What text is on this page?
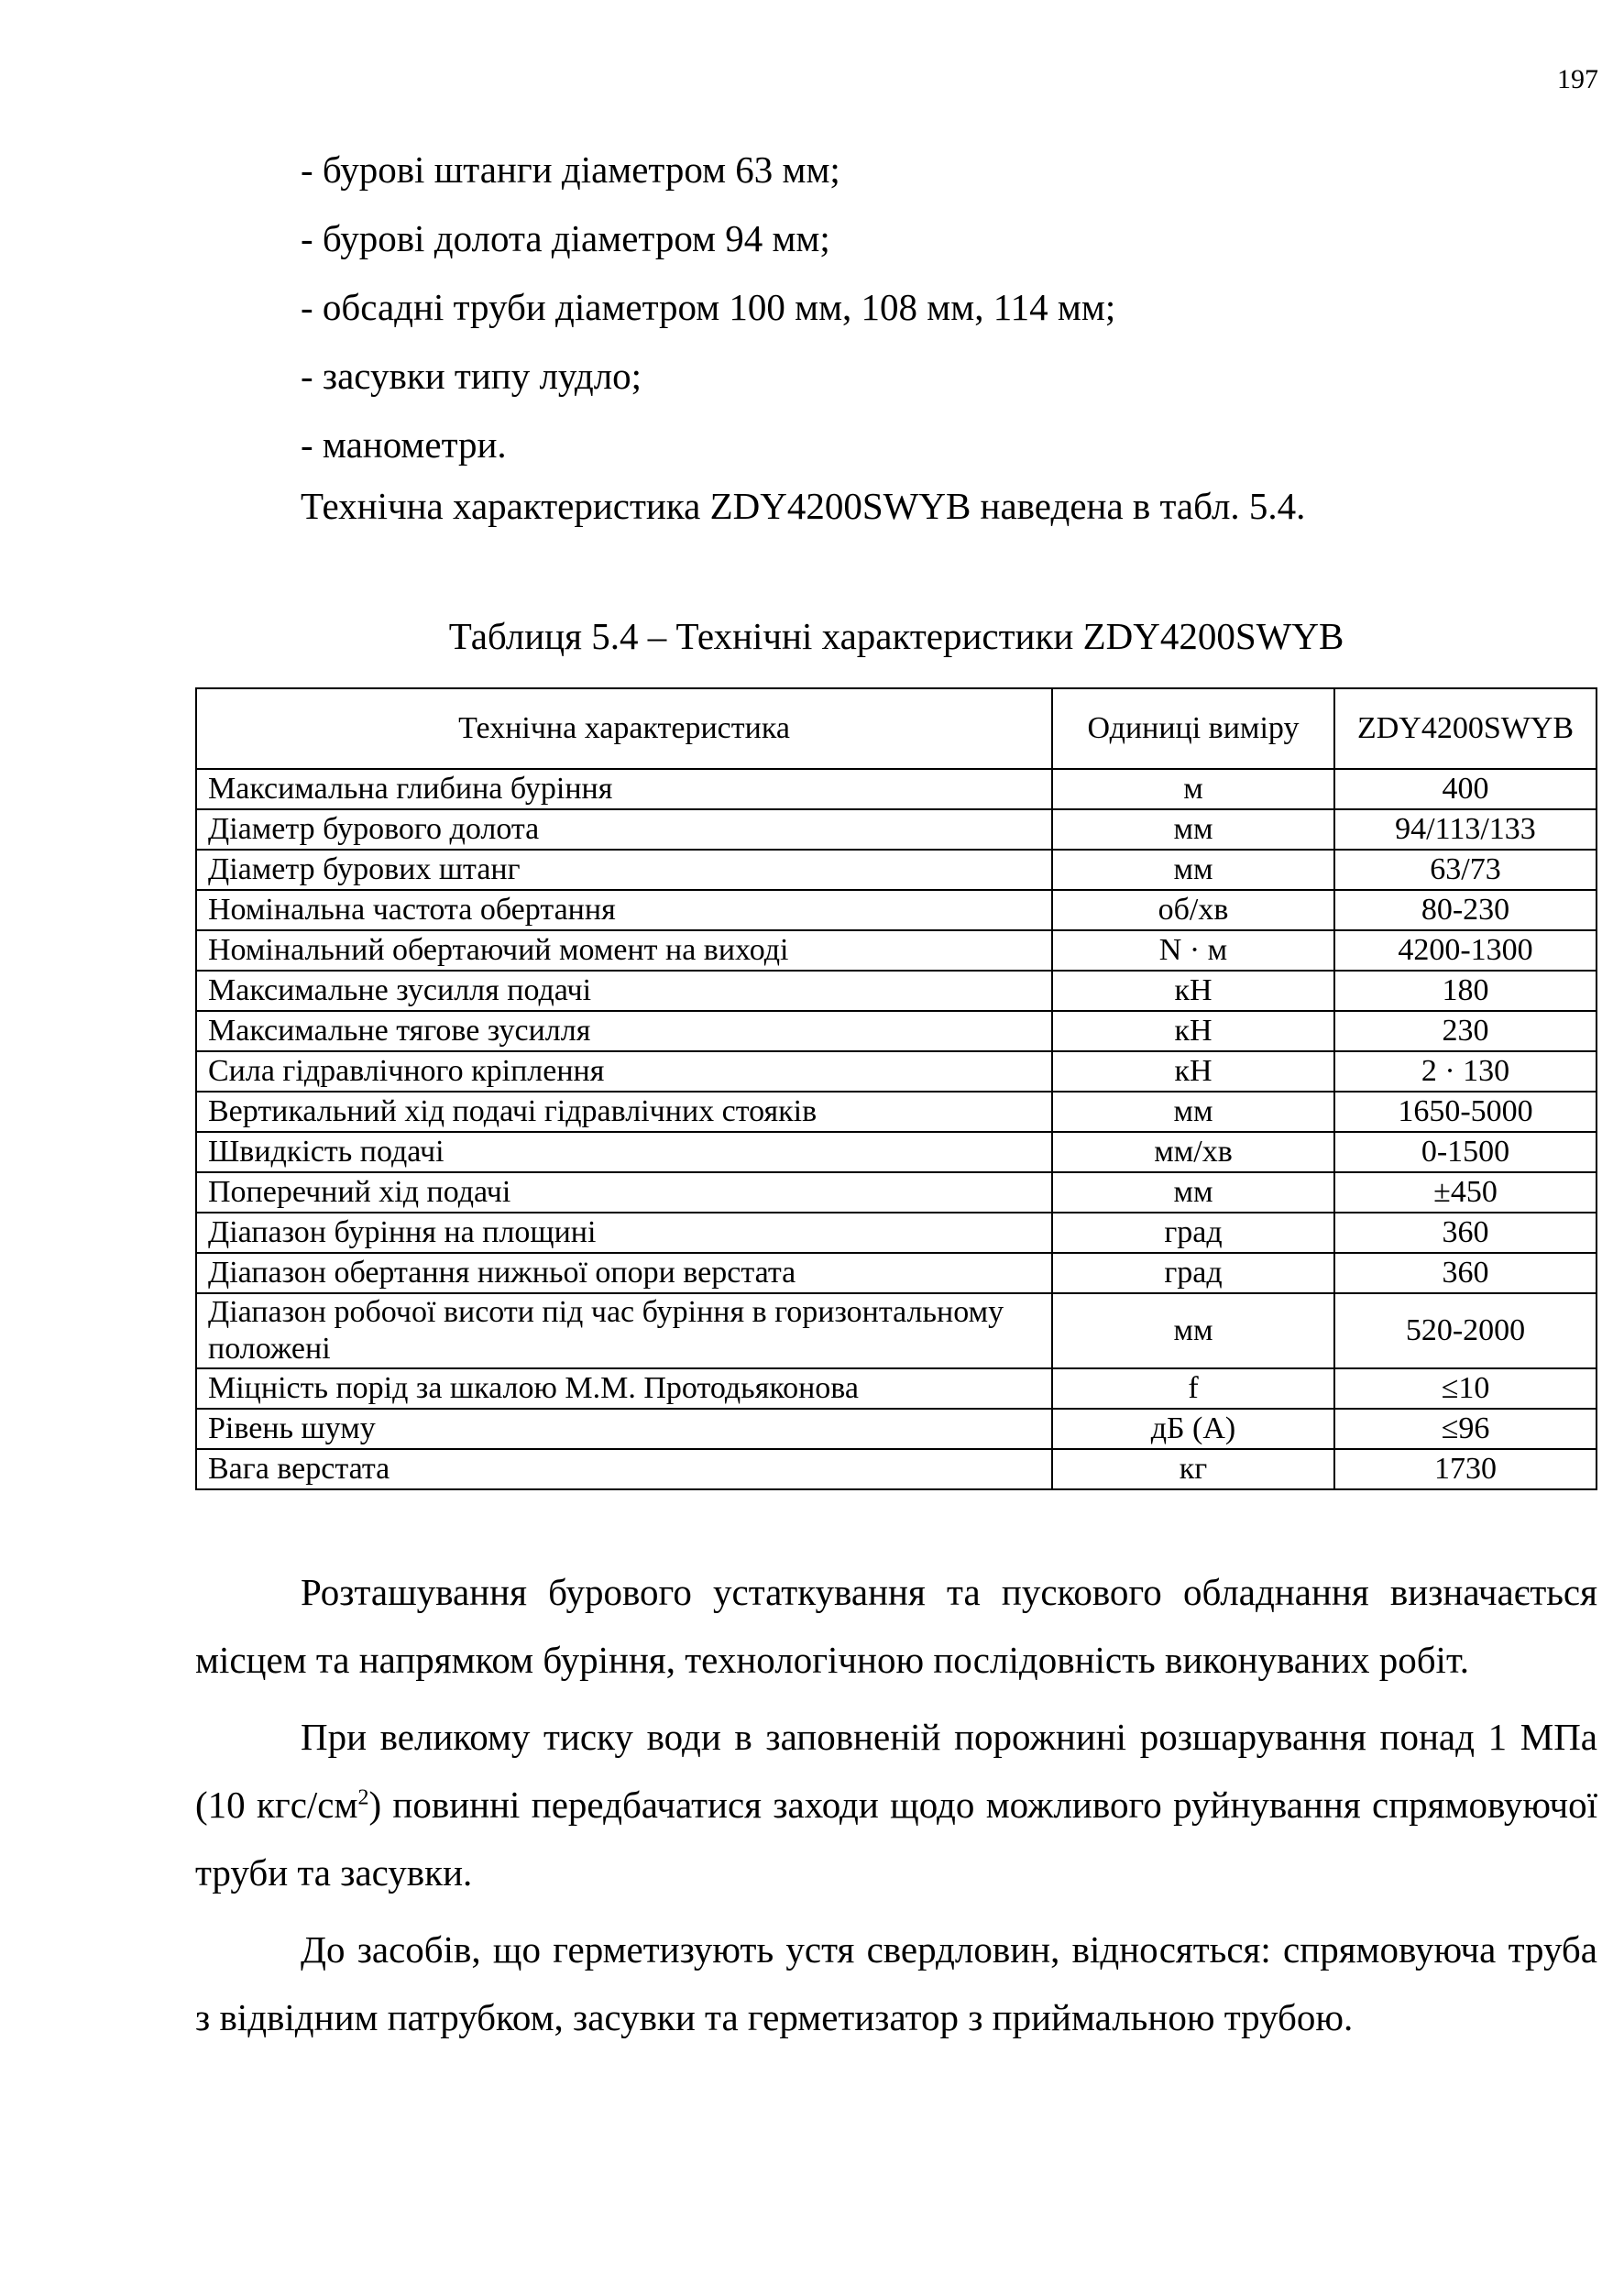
197
- бурові штанги діаметром 63 мм;
- бурові долота діаметром 94 мм;
- обсадні труби діаметром 100 мм, 108 мм, 114 мм;
- засувки типу лудло;
- манометри.

Технічна характеристика ZDY4200SWYB наведена в табл. 5.4.

Таблиця 5.4 – Технічні характеристики ZDY4200SWYB

Технічна характеристика	Одиниці виміру	ZDY4200SWYB
Максимальна глибина буріння	м	400
Діаметр бурового долота	мм	94/113/133
Діаметр бурових штанг	мм	63/73
Номінальна частота обертання	об/хв	80-230
Номінальний обертаючий момент на виході	N · м	4200-1300
Максимальне зусилля подачі	кН	180
Максимальне тягове зусилля	кН	230
Сила гідравлічного кріплення	кН	2 · 130
Вертикальний хід подачі гідравлічних стояків	мм	1650-5000
Швидкість подачі	мм/хв	0-1500
Поперечний хід подачі	мм	±450
Діапазон буріння на площині	град	360
Діапазон обертання нижньої опори верстата	град	360
Діапазон робочої висоти під час буріння в горизонтальному положені	мм	520-2000
Міцність порід за шкалою М.М. Протодьяконова	f	≤10
Рівень шуму	дБ (А)	≤96
Вага верстата	кг	1730

Розташування бурового устаткування та пускового обладнання визначається місцем та напрямком буріння, технологічною послідовність виконуваних робіт.

При великому тиску води в заповненій порожнині розшарування понад 1 МПа (10 кгс/$см^2$) повинні передбачатися заходи щодо можливого руйнування спрямовуючої труби та засувки.

До засобів, що герметизують устя свердловин, відносяться: спрямовуюча труба з відвідним патрубком, засувки та герметизатор з приймальною трубою.
